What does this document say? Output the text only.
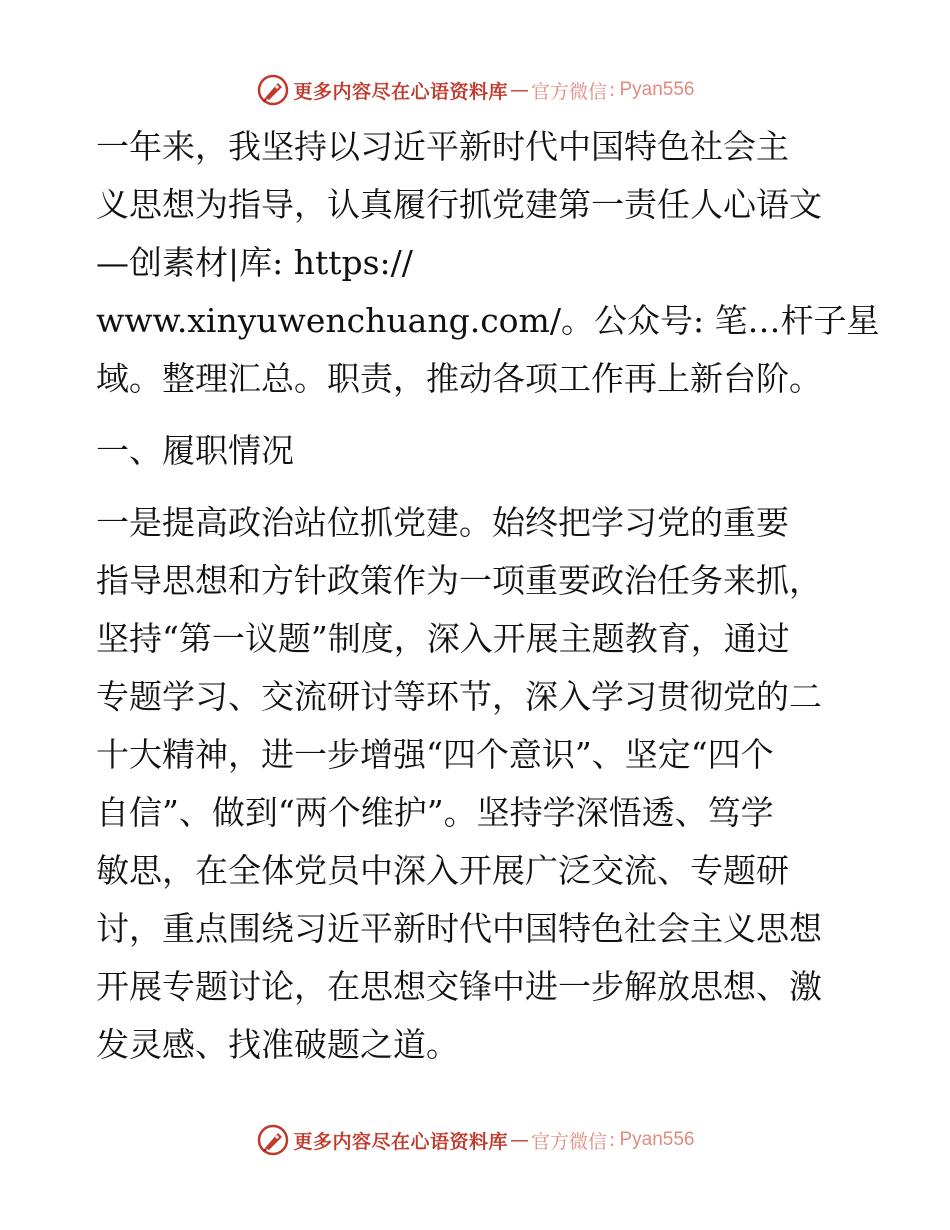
更多内容尽在心语资料库 — 官方微信 : Pyan556
一年来，我坚持以习近平新时代中国特色社会主
义思想为指导，认真履行抓党建第一责任人心语文
—创素材|库: https://
www.xinyuwenchuang.com/。公众号: 笔…杆子星
域。整理汇总。职责，推动各项工作再上新台阶。
一、履职情况
一是提高政治站位抓党建。始终把学习党的重要
指导思想和方针政策作为一项重要政治任务来抓，
坚持“第一议题”制度，深入开展主题教育，通过
专题学习、交流研讨等环节，深入学习贯彻党的二
十大精神，进一步增强“四个意识”、坚定“四个
自信”、做到“两个维护”。坚持学深悟透、笃学
敏思，在全体党员中深入开展广泛交流、专题研
讨，重点围绕习近平新时代中国特色社会主义思想
开展专题讨论，在思想交锋中进一步解放思想、激
发灵感、找准破题之道。
更多内容尽在心语资料库 — 官方微信 : Pyan556
